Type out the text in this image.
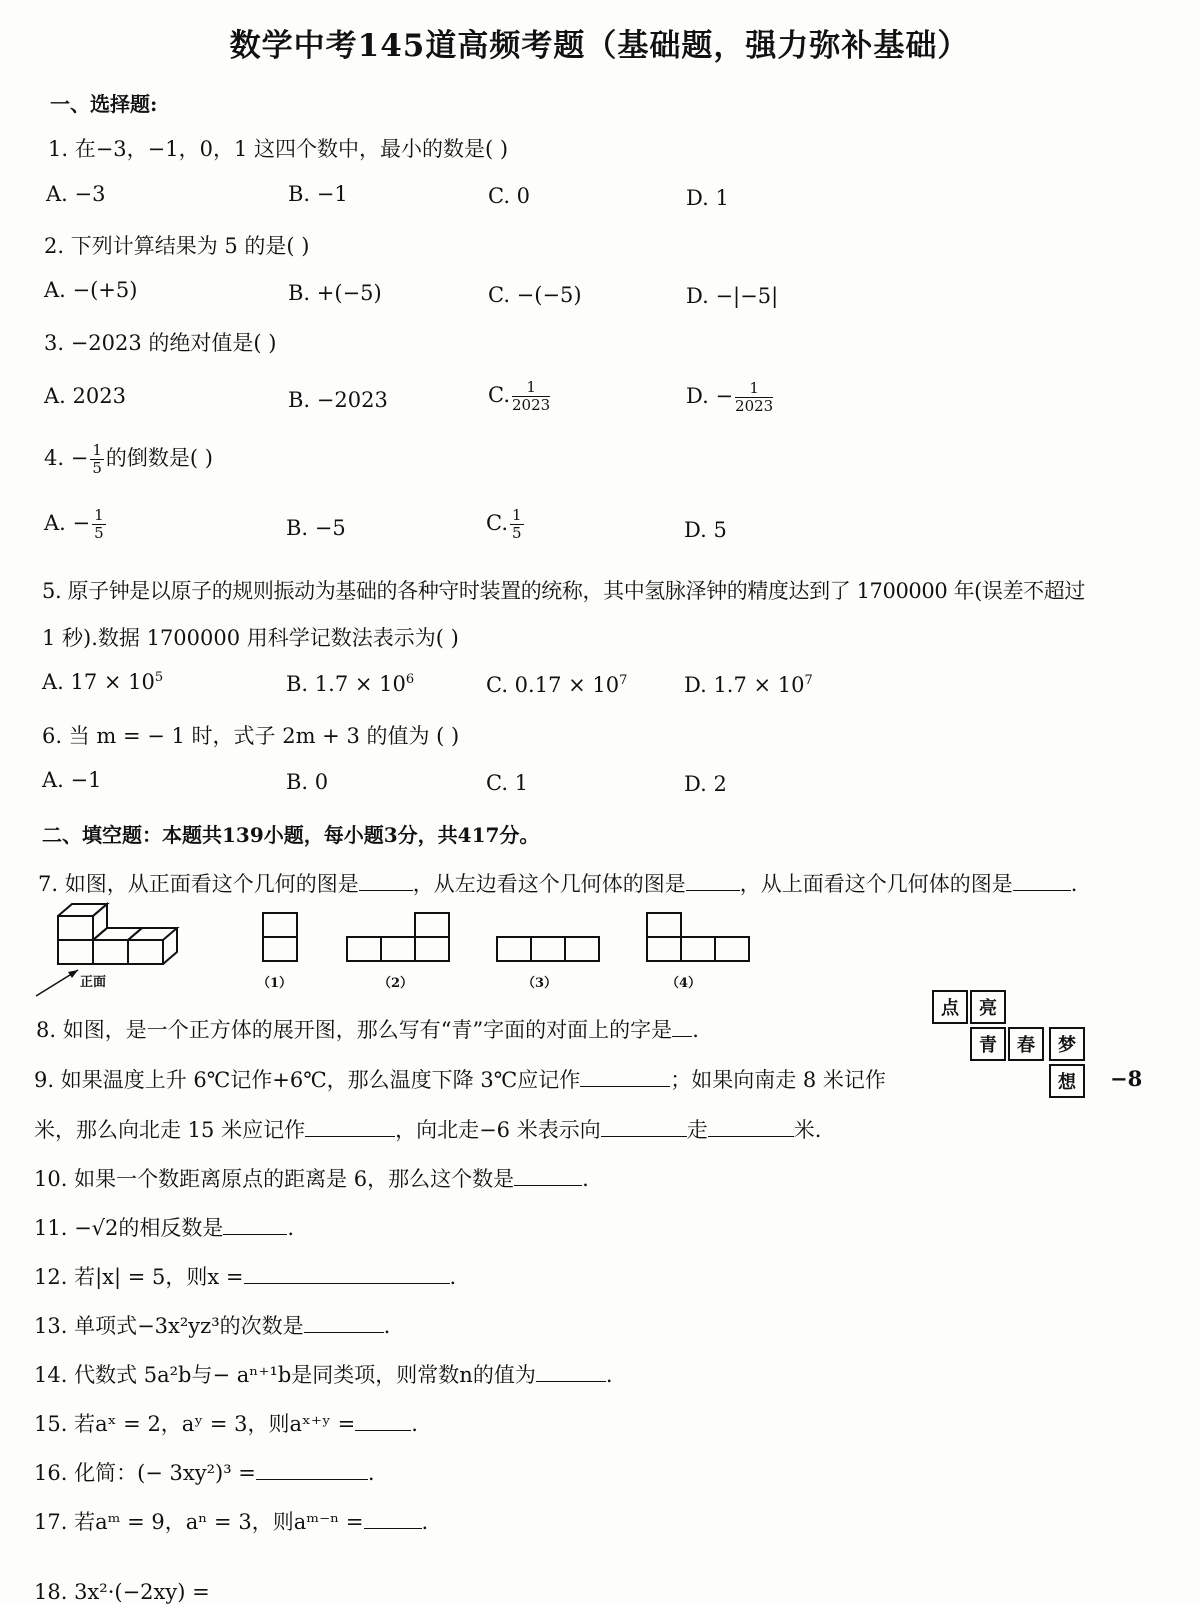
数学中考145道高频考题（基础题，强力弥补基础）
一、选择题:
1. 在−3，−1，0，1 这四个数中，最小的数是( )
A. −3	B. −1	C. 0	D. 1
2. 下列计算结果为 5 的是( )
A. −(+5)	B. +(−5)	C. −(−5)	D. −|−5|
3. −2023 的绝对值是( )
A. 2023	B. −2023	C. $\frac{1}{2023}$	D. − $\frac{1}{2023}$
4. − $\frac{1}{5}$ 的倒数是( )
A. − $\frac{1}{5}$	B. −5	C. $\frac{1}{5}$	D. 5
5. 原子钟是以原子的规则振动为基础的各种守时装置的统称，其中氢脉泽钟的精度达到了 1700000 年(误差不超过
1 秒).数据 1700000 用科学记数法表示为( )
A. $17 \times 10^5$	B. $1.7 \times 10^6$	C. $0.17 \times 10^7$	D. $1.7 \times 10^7$
6. 当 m = − 1 时，式子 2m + 3 的值为 ( )
A. −1	B. 0	C. 1	D. 2
二、填空题：本题共139小题，每小题3分，共417分。
7. 如图，从正面看这个几何的图是	，从左边看这个几何体的图是	，从上面看这个几何体的图是	.
正面	（1）	（2）	（3）	（4）
点	亮
青	春	梦
想
8. 如图，是一个正方体的展开图，那么写有“青”字面的对面上的字是 .
9. 如果温度上升 6℃记作+6℃，那么温度下降 3℃应记作	；如果向南走 8 米记作	−8
米，那么向北走 15 米应记作	，向北走−6 米表示向	走	米.
10. 如果一个数距离原点的距离是 6，那么这个数是	.
11. −√2的相反数是	.
12. 若|x| = 5，则x =	.
13. 单项式−3x²yz³的次数是	.
14. 代数式 5a²b与− aⁿ⁺¹b是同类项，则常数n的值为	.
15. 若aˣ = 2，aʸ = 3，则aˣ⁺ʸ =	.
16. 化简：(− 3xy²)³ =	.
17. 若aᵐ = 9，aⁿ = 3，则aᵐ⁻ⁿ =	.
18. 3x²·(−2xy) =
